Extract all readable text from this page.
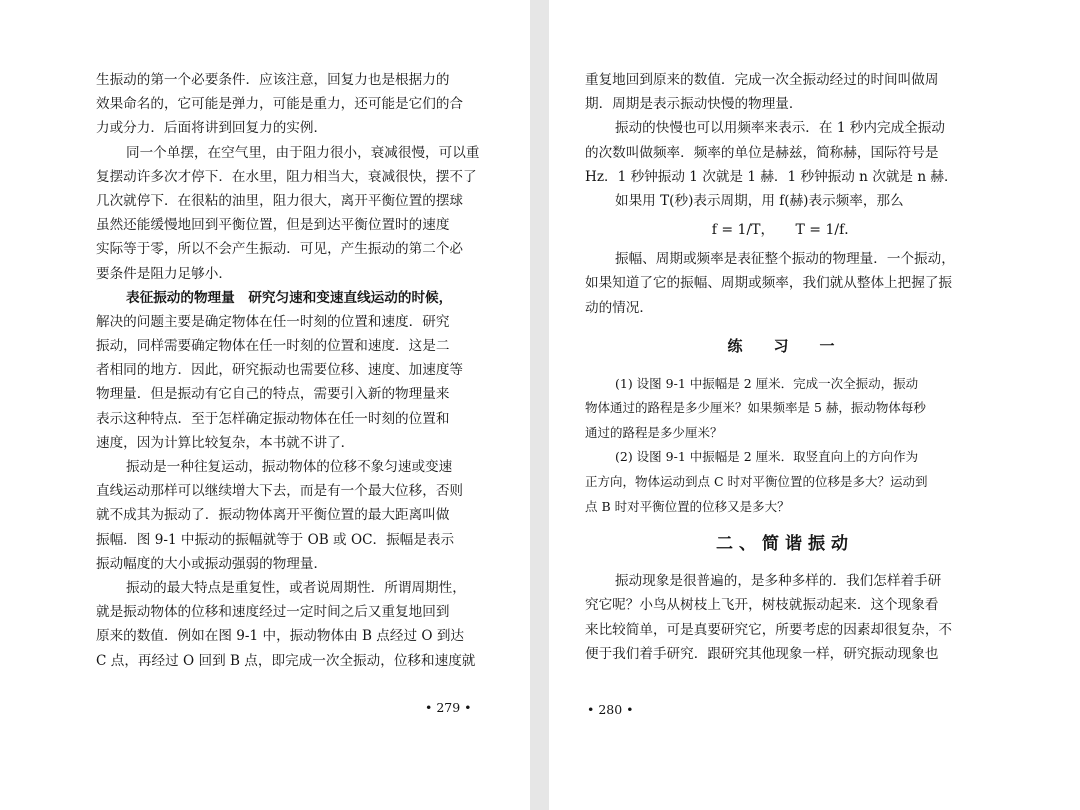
生振动的第一个必要条件．应该注意，回复力也是根据力的
效果命名的，它可能是弹力，可能是重力，还可能是它们的合
力或分力．后面将讲到回复力的实例．
同一个单摆，在空气里，由于阻力很小，衰减很慢，可以重
复摆动许多次才停下．在水里，阻力相当大，衰减很快，摆不了
几次就停下．在很粘的油里，阻力很大，离开平衡位置的摆球
虽然还能缓慢地回到平衡位置，但是到达平衡位置时的速度
实际等于零，所以不会产生振动．可见，产生振动的第二个必
要条件是阻力足够小．
表征振动的物理量　研究匀速和变速直线运动的时候，
解决的问题主要是确定物体在任一时刻的位置和速度．研究
振动，同样需要确定物体在任一时刻的位置和速度．这是二
者相同的地方．因此，研究振动也需要位移、速度、加速度等
物理量．但是振动有它自己的特点，需要引入新的物理量来
表示这种特点．至于怎样确定振动物体在任一时刻的位置和
速度，因为计算比较复杂，本书就不讲了．
振动是一种往复运动，振动物体的位移不象匀速或变速
直线运动那样可以继续增大下去，而是有一个最大位移，否则
就不成其为振动了．振动物体离开平衡位置的最大距离叫做
振幅．图 9-1 中振动的振幅就等于 OB 或 OC．振幅是表示
振动幅度的大小或振动强弱的物理量．
振动的最大特点是重复性，或者说周期性．所谓周期性，
就是振动物体的位移和速度经过一定时间之后又重复地回到
原来的数值．例如在图 9-1 中，振动物体由 B 点经过 O 到达
C 点，再经过 O 回到 B 点，即完成一次全振动，位移和速度就
• 279 •
重复地回到原来的数值．完成一次全振动经过的时间叫做周
期．周期是表示振动快慢的物理量．
振动的快慢也可以用频率来表示．在 1 秒内完成全振动
的次数叫做频率．频率的单位是赫兹，简称赫，国际符号是
Hz．1 秒钟振动 1 次就是 1 赫．1 秒钟振动 n 次就是 n 赫．
如果用 T(秒)表示周期，用 f(赫)表示频率，那么
f = 1/T，　　T = 1/f．
振幅、周期或频率是表征整个振动的物理量．一个振动，
如果知道了它的振幅、周期或频率，我们就从整体上把握了振
动的情况．
练　习　一
(1) 设图 9-1 中振幅是 2 厘米．完成一次全振动，振动
物体通过的路程是多少厘米？如果频率是 5 赫，振动物体每秒
通过的路程是多少厘米？
(2) 设图 9-1 中振幅是 2 厘米．取竖直向上的方向作为
正方向，物体运动到点 C 时对平衡位置的位移是多大？运动到
点 B 时对平衡位置的位移又是多大？
二、简谐振动
振动现象是很普遍的，是多种多样的．我们怎样着手研
究它呢？小鸟从树枝上飞开，树枝就振动起来．这个现象看
来比较简单，可是真要研究它，所要考虑的因素却很复杂，不
便于我们着手研究．跟研究其他现象一样，研究振动现象也
• 280 •
